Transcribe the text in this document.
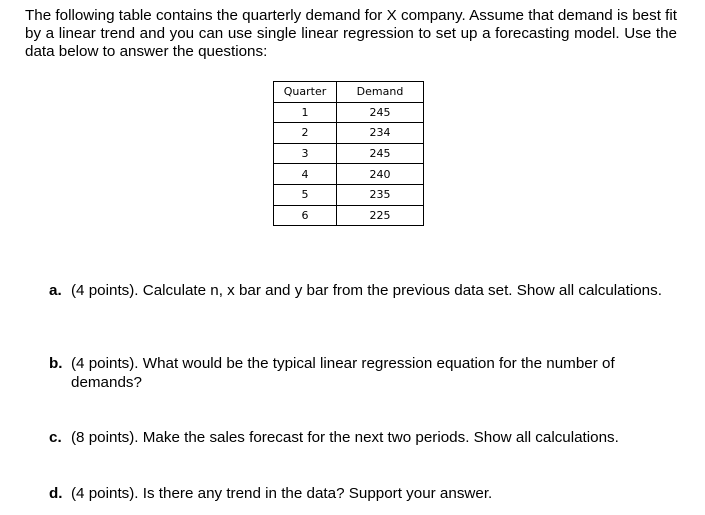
The following table contains the quarterly demand for X company. Assume that demand is best fit by a linear trend and you can use single linear regression to set up a forecasting model. Use the data below to answer the questions:

Quarter	Demand
1	245
2	234
3	245
4	240
5	235
6	225
a. (4 points). Calculate n, x bar and y bar from the previous data set. Show all calculations.
b. (4 points). What would be the typical linear regression equation for the number of demands?
c. (8 points). Make the sales forecast for the next two periods. Show all calculations.
d. (4 points). Is there any trend in the data? Support your answer.
